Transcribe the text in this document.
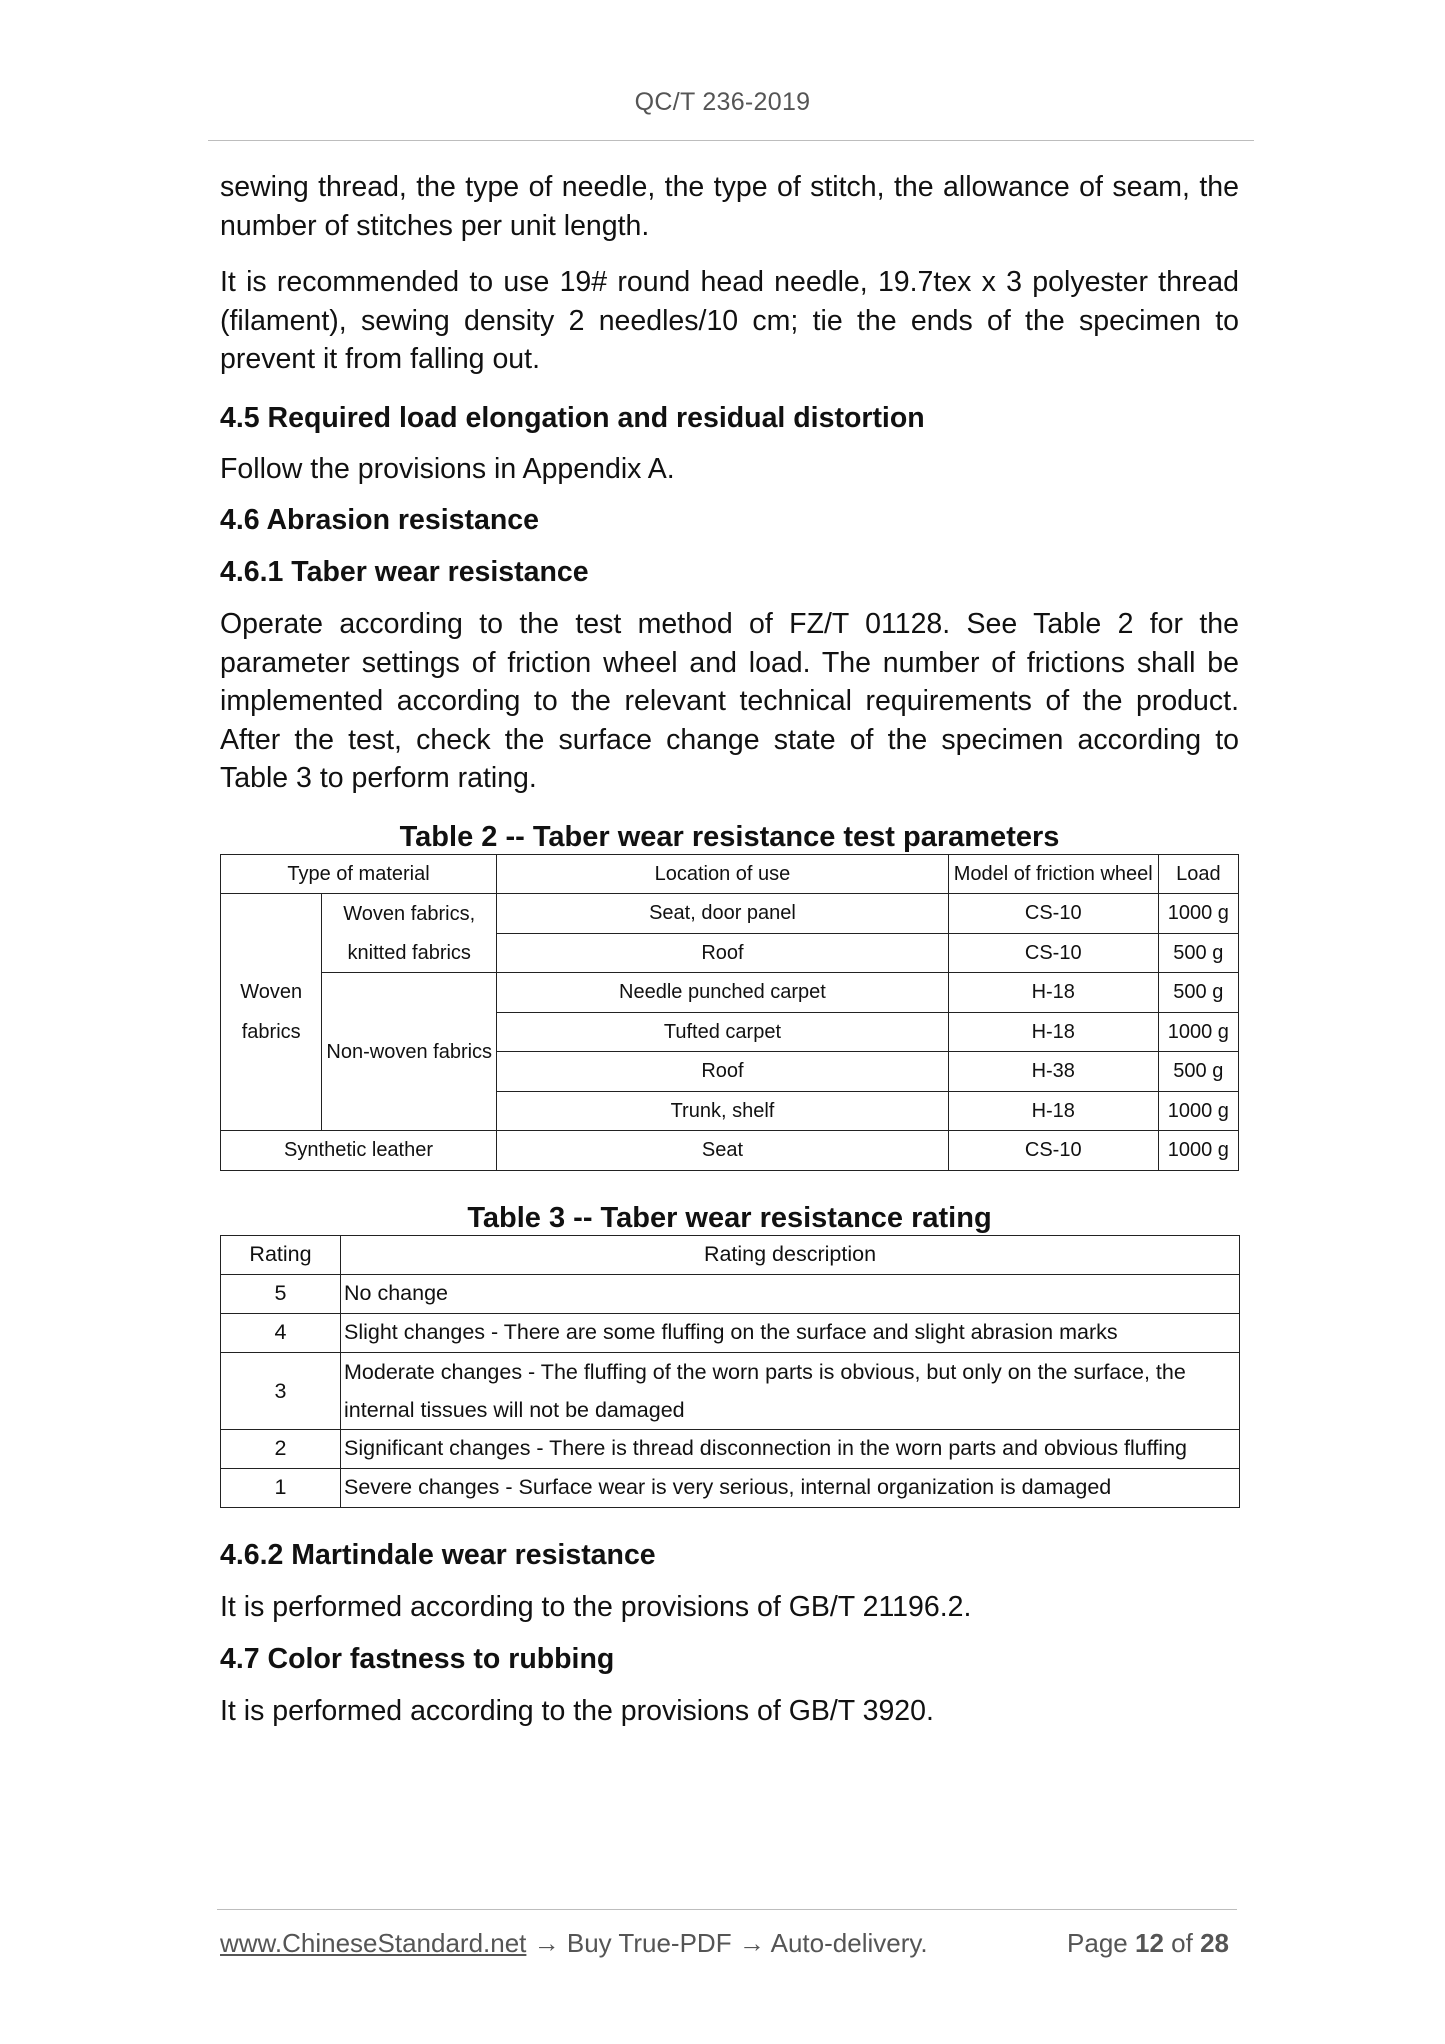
QC/T 236-2019

sewing thread, the type of needle, the type of stitch, the allowance of seam, the number of stitches per unit length.

It is recommended to use 19# round head needle, 19.7tex x 3 polyester thread (filament), sewing density 2 needles/10 cm; tie the ends of the specimen to prevent it from falling out.

4.5 Required load elongation and residual distortion

Follow the provisions in Appendix A.

4.6 Abrasion resistance

4.6.1 Taber wear resistance

Operate according to the test method of FZ/T 01128. See Table 2 for the parameter settings of friction wheel and load. The number of frictions shall be implemented according to the relevant technical requirements of the product. After the test, check the surface change state of the specimen according to Table 3 to perform rating.

Table 2 -- Taber wear resistance test parameters

Type of material		Location of use	Model of friction wheel	Load
	Woven fabrics,	Seat, door panel	CS-10	1000 g
	knitted fabrics	Roof	CS-10	500 g
Woven		Needle punched carpet	H-18	500 g
fabrics	Non-woven fabrics	Tufted carpet	H-18	1000 g
		Roof	H-38	500 g
		Trunk, shelf	H-18	1000 g
Synthetic leather		Seat	CS-10	1000 g

Table 3 -- Taber wear resistance rating

Rating	Rating description
5	No change
4	Slight changes - There are some fluffing on the surface and slight abrasion marks
3	Moderate changes - The fluffing of the worn parts is obvious, but only on the surface, the internal tissues will not be damaged
2	Significant changes - There is thread disconnection in the worn parts and obvious fluffing
1	Severe changes - Surface wear is very serious, internal organization is damaged

4.6.2 Martindale wear resistance

It is performed according to the provisions of GB/T 21196.2.

4.7 Color fastness to rubbing

It is performed according to the provisions of GB/T 3920.

www.ChineseStandard.net → Buy True-PDF → Auto-delivery.	Page 12 of 28
